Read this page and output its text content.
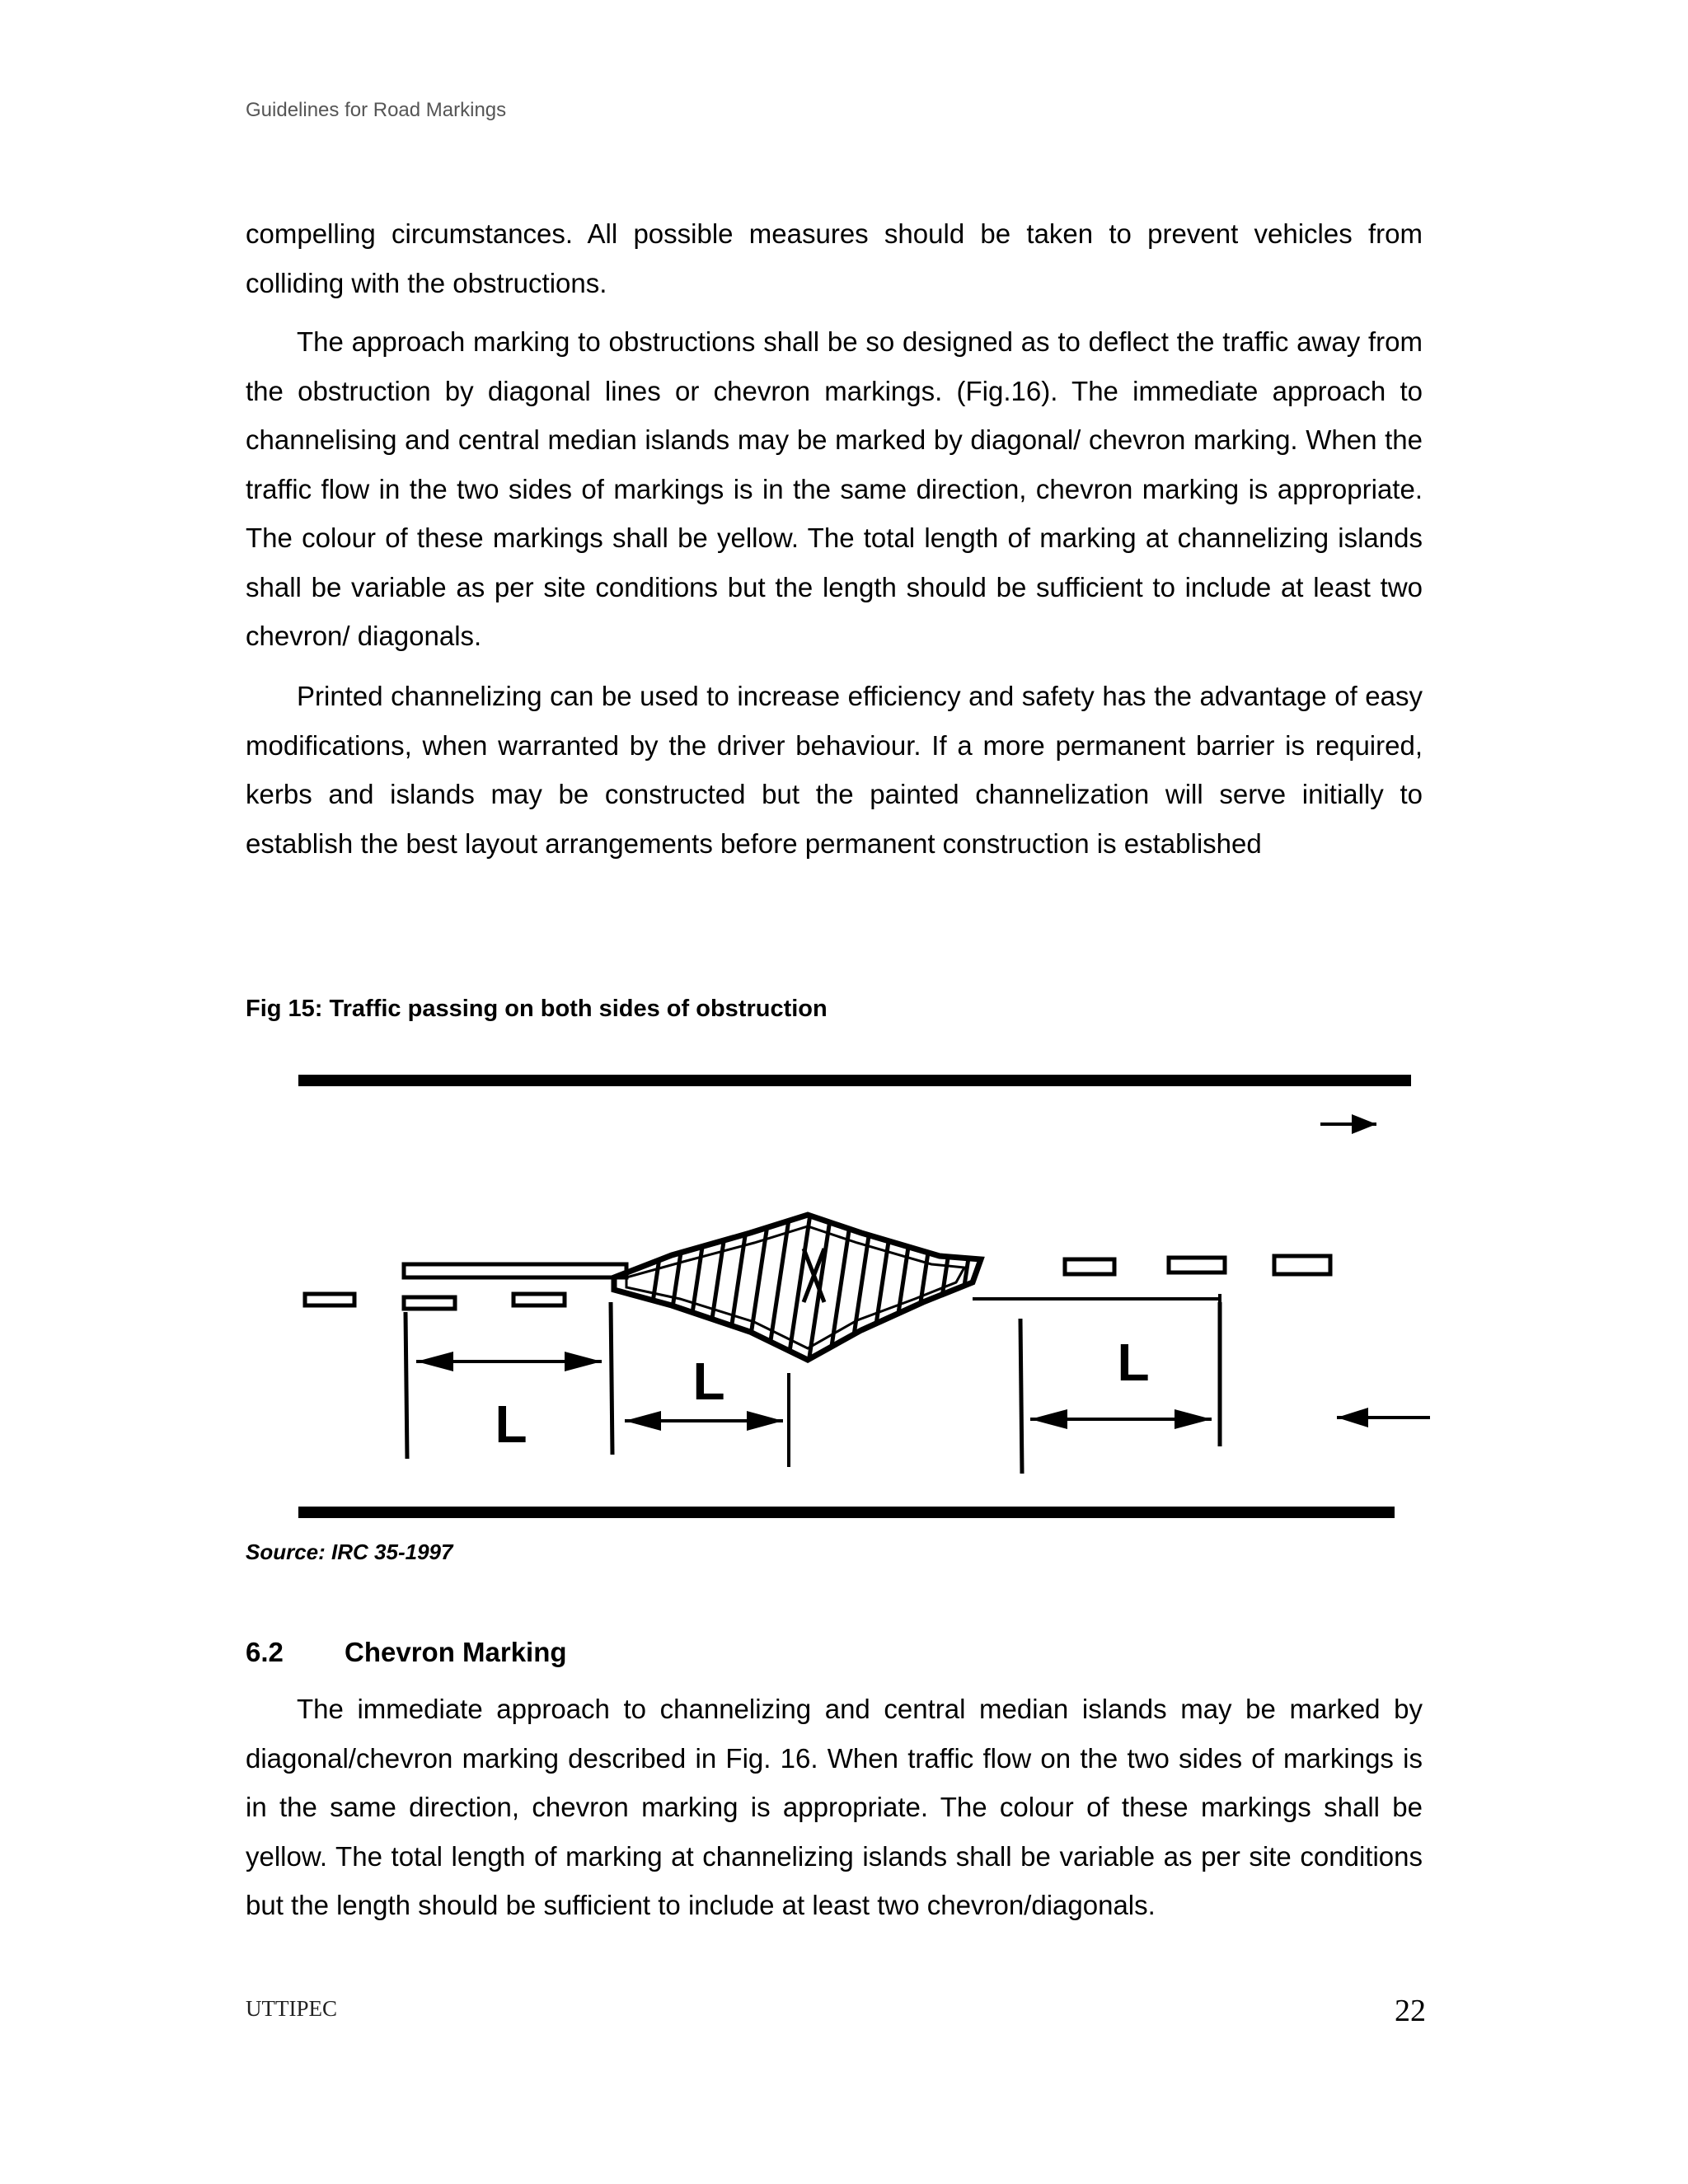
Guidelines for Road Markings

compelling circumstances. All possible measures should be taken to prevent vehicles from colliding with the obstructions.

The approach marking to obstructions shall be so designed as to deflect the traffic away from the obstruction by diagonal lines or chevron markings. (Fig.16). The immediate approach to channelising and central median islands may be marked by diagonal/ chevron marking. When the traffic flow in the two sides of markings is in the same direction, chevron marking is appropriate. The colour of these markings shall be yellow. The total length of marking at channelizing islands shall be variable as per site conditions but the length should be sufficient to include at least two chevron/ diagonals.

Printed channelizing can be used to increase efficiency and safety has the advantage of easy modifications, when warranted by the driver behaviour. If a more permanent barrier is required, kerbs and islands may be constructed but the painted channelization will serve initially to establish the best layout arrangements before permanent construction is established

Fig 15: Traffic passing on both sides of obstruction
L
L	L
Source: IRC 35-1997
6.2 Chevron Marking

The immediate approach to channelizing and central median islands may be marked by diagonal/chevron marking described in Fig. 16. When traffic flow on the two sides of markings is in the same direction, chevron marking is appropriate. The colour of these markings shall be yellow. The total length of marking at channelizing islands shall be variable as per site conditions but the length should be sufficient to include at least two chevron/diagonals.

UTTIPEC	22
